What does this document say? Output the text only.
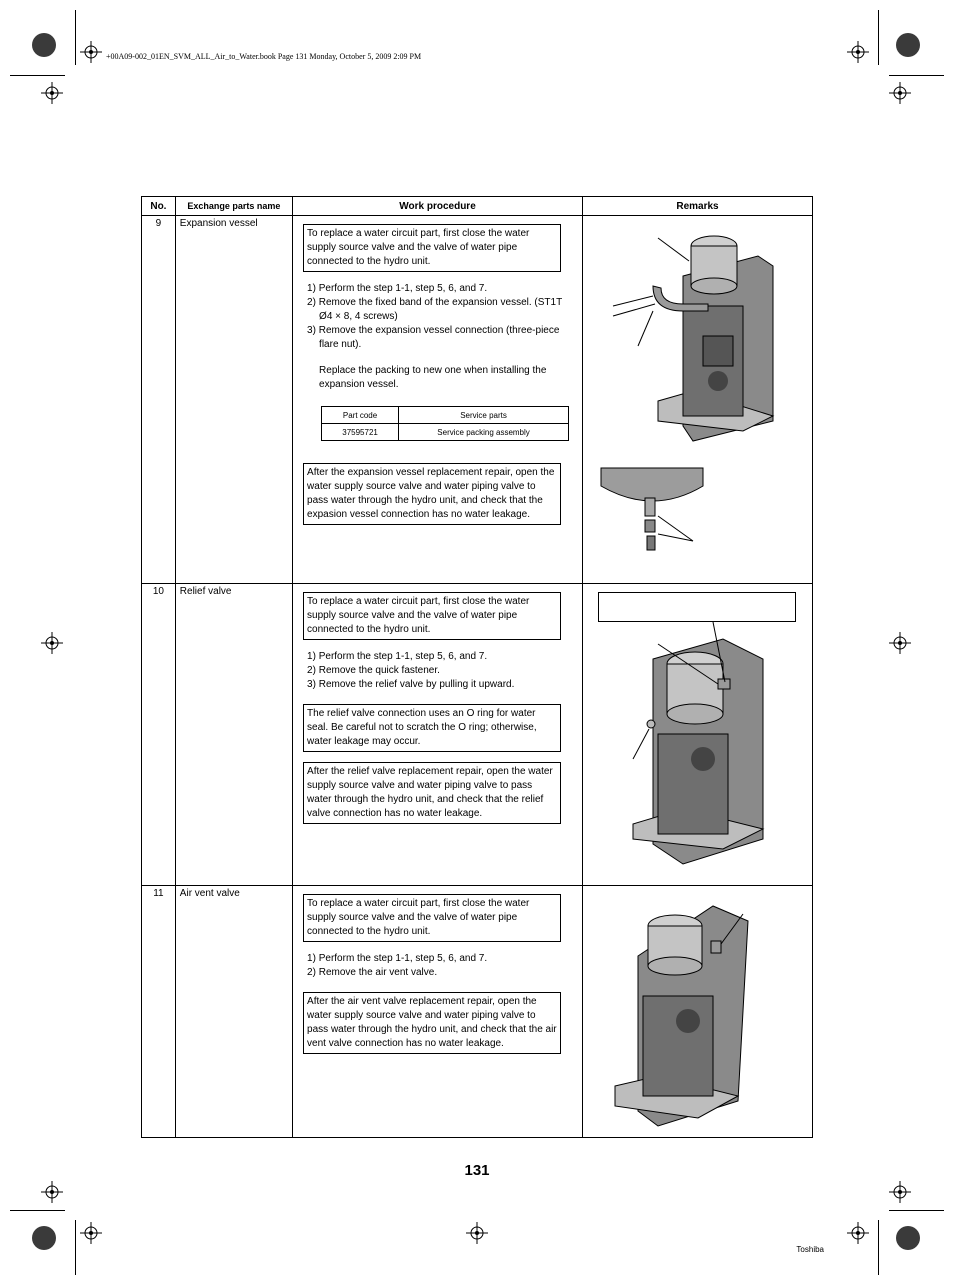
+00A09-002_01EN_SVM_ALL_Air_to_Water.book Page 131 Monday, October 5, 2009 2:09 PM
No.	Exchange parts name	Work procedure	Remarks
9	Expansion vessel	
To replace a water circuit part, first close the water supply source valve and the valve of water pipe connected to the hydro unit.
1) Perform the step 1-1, step 5, 6, and 7.
2) Remove the fixed band of the expansion vessel. (ST1T Ø4 × 8, 4 screws)
3) Remove the expansion vessel connection (three-piece flare nut).
Replace the packing to new one when installing the expansion vessel.
Part code	Service parts
37595721	Service packing assembly
After the expansion vessel replacement repair, open the water supply source valve and water piping valve to pass water through the hydro unit, and check that the expasion vessel connection has no water leakage.

10	Relief valve	
To replace a water circuit part, first close the water supply source valve and the valve of water pipe connected to the hydro unit.
1) Perform the step 1-1, step 5, 6, and 7.
2) Remove the quick fastener.
3) Remove the relief valve by pulling it upward.
The relief valve connection uses an O ring for water seal. Be careful not to scratch the O ring; otherwise, water leakage may occur.
After the relief valve replacement repair, open the water supply source valve and water piping valve to pass water through the hydro unit, and check that the relief valve connection has no water leakage.

11	Air vent valve	
To replace a water circuit part, first close the water supply source valve and the valve of water pipe connected to the hydro unit.
1) Perform the step 1-1, step 5, 6, and 7.
2) Remove the air vent valve.
After the air vent valve replacement repair, open the water supply source valve and water piping valve to pass water through the hydro unit, and check that the air vent valve connection has no water leakage.

131
Toshiba
